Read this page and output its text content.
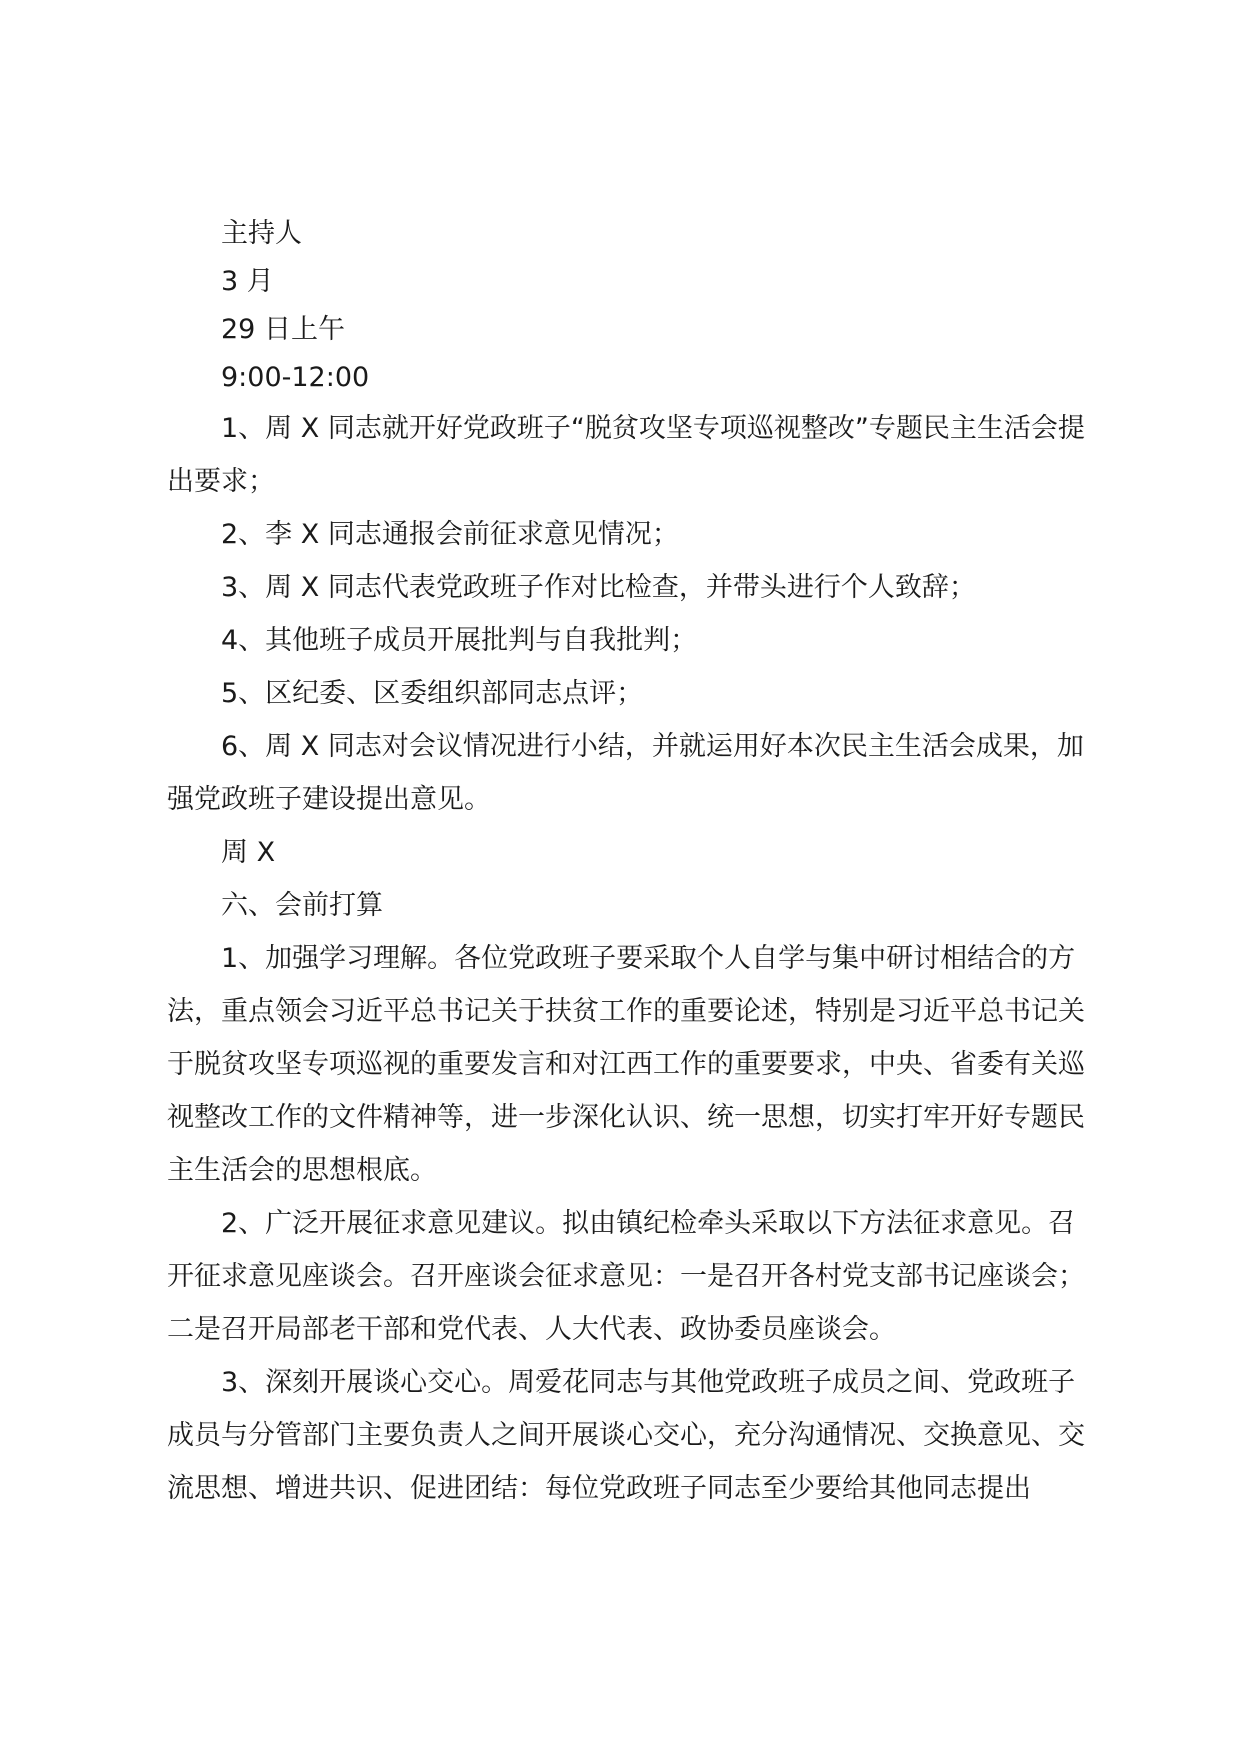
主持人

3 月

29 日上午

9:00-12:00

1、周 X 同志就开好党政班子“脱贫攻坚专项巡视整改”专题民主生活会提出要求；

2、李 X 同志通报会前征求意见情况；

3、周 X 同志代表党政班子作对比检查，并带头进行个人致辞；

4、其他班子成员开展批判与自我批判；

5、区纪委、区委组织部同志点评；

6、周 X 同志对会议情况进行小结，并就运用好本次民主生活会成果，加强党政班子建设提出意见。

周 X

六、会前打算

1、加强学习理解。各位党政班子要采取个人自学与集中研讨相结合的方法，重点领会习近平总书记关于扶贫工作的重要论述，特别是习近平总书记关于脱贫攻坚专项巡视的重要发言和对江西工作的重要要求，中央、省委有关巡视整改工作的文件精神等，进一步深化认识、统一思想，切实打牢开好专题民主生活会的思想根底。

2、广泛开展征求意见建议。拟由镇纪检牵头采取以下方法征求意见。召开征求意见座谈会。召开座谈会征求意见：一是召开各村党支部书记座谈会；二是召开局部老干部和党代表、人大代表、政协委员座谈会。

3、深刻开展谈心交心。周爱花同志与其他党政班子成员之间、党政班子成员与分管部门主要负责人之间开展谈心交心，充分沟通情况、交换意见、交流思想、增进共识、促进团结：每位党政班子同志至少要给其他同志提出
